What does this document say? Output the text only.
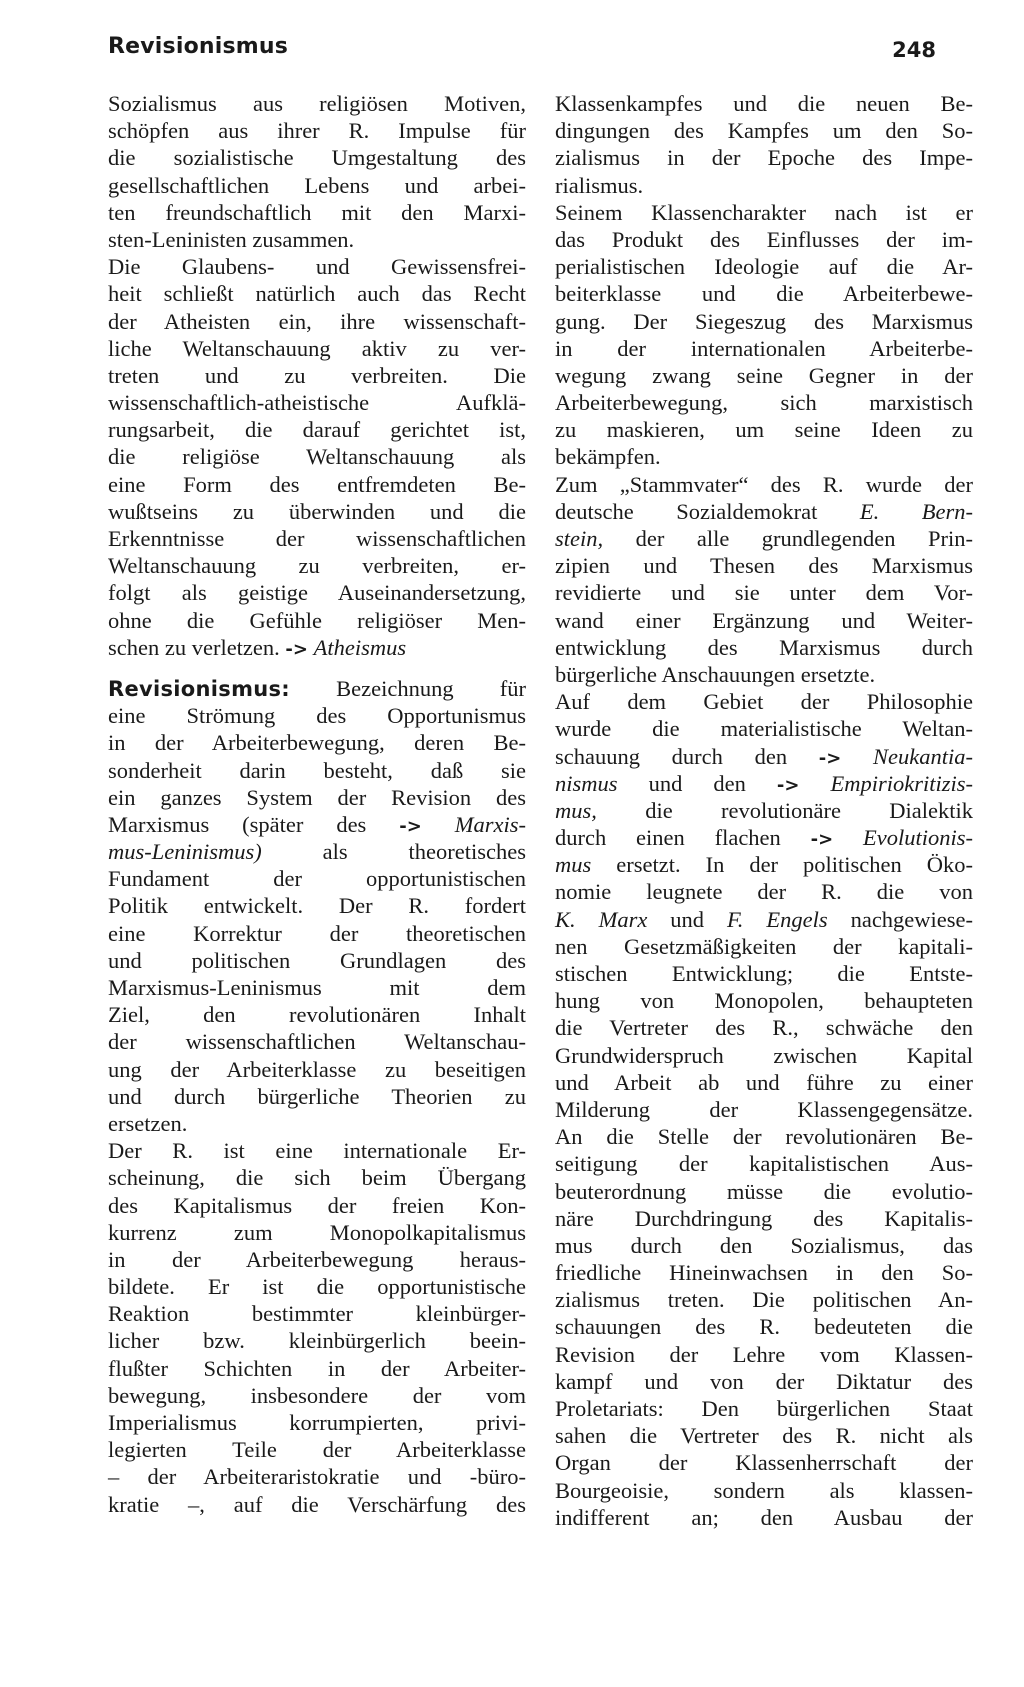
Revisionismus	248
Sozialismus aus religiösen Motiven,
schöpfen aus ihrer R. Impulse für
die sozialistische Umgestaltung des
gesellschaftlichen Lebens und arbei-
ten freundschaftlich mit den Marxi-
sten-Leninisten zusammen.
Die Glaubens- und Gewissensfrei-
heit schließt natürlich auch das Recht
der Atheisten ein, ihre wissenschaft-
liche Weltanschauung aktiv zu ver-
treten und zu verbreiten. Die
wissenschaftlich-atheistische Aufklä-
rungsarbeit, die darauf gerichtet ist,
die religiöse Weltanschauung als
eine Form des entfremdeten Be-
wußtseins zu überwinden und die
Erkenntnisse der wissenschaftlichen
Weltanschauung zu verbreiten, er-
folgt als geistige Auseinandersetzung,
ohne die Gefühle religiöser Men-
schen zu verletzen. -> Atheismus
Revisionismus: Bezeichnung für
eine Strömung des Opportunismus
in der Arbeiterbewegung, deren Be-
sonderheit darin besteht, daß sie
ein ganzes System der Revision des
Marxismus (später des -> Marxis-
mus-Leninismus)	als theoretisches
Fundament der opportunistischen
Politik entwickelt. Der R. fordert
eine Korrektur der theoretischen
und politischen Grundlagen des
Marxismus-Leninismus mit dem
Ziel, den revolutionären Inhalt
der wissenschaftlichen Weltanschau-
ung der Arbeiterklasse zu beseitigen
und durch bürgerliche Theorien zu
ersetzen.
Der R. ist eine internationale Er-
scheinung, die sich beim Übergang
des Kapitalismus der freien Kon-
kurrenz zum Monopolkapitalismus
in der Arbeiterbewegung heraus-
bildete. Er ist die opportunistische
Reaktion bestimmter kleinbürger-
licher bzw. kleinbürgerlich beein-
flußter Schichten in der Arbeiter-
bewegung, insbesondere der vom
Imperialismus korrumpierten, privi-
legierten Teile der Arbeiterklasse
– der Arbeiteraristokratie und -büro-
kratie –, auf die Verschärfung des
Klassenkampfes und die neuen Be-
dingungen des Kampfes um den So-
zialismus in der Epoche des Impe-
rialismus.
Seinem Klassencharakter nach ist er
das Produkt des Einflusses der im-
perialistischen Ideologie auf die Ar-
beiterklasse und die Arbeiterbewe-
gung. Der Siegeszug des Marxismus
in der internationalen Arbeiterbe-
wegung zwang seine Gegner in der
Arbeiterbewegung, sich marxistisch
zu maskieren, um seine Ideen zu
bekämpfen.
Zum „Stammvater“ des R. wurde der
deutsche Sozialdemokrat E. Bern-
stein, der alle grundlegenden Prin-
zipien und Thesen des Marxismus
revidierte und sie unter dem Vor-
wand einer Ergänzung und Weiter-
entwicklung des Marxismus durch
bürgerliche Anschauungen ersetzte.
Auf dem Gebiet der Philosophie
wurde die materialistische Weltan-
schauung durch den -> Neukantia-
nismus und den -> Empiriokritizis-
mus, die revolutionäre Dialektik
durch einen flachen -> Evolutionis-
mus ersetzt. In der politischen Öko-
nomie leugnete der R. die von
K. Marx und F. Engels nachgewiese-
nen Gesetzmäßigkeiten der kapitali-
stischen Entwicklung; die Entste-
hung von Monopolen, behaupteten
die Vertreter des R., schwäche den
Grundwiderspruch zwischen Kapital
und Arbeit ab und führe zu einer
Milderung der Klassengegensätze.
An die Stelle der revolutionären Be-
seitigung der kapitalistischen Aus-
beuterordnung müsse die evolutio-
näre Durchdringung des Kapitalis-
mus durch den Sozialismus, das
friedliche Hineinwachsen in den So-
zialismus treten. Die politischen An-
schauungen des R. bedeuteten die
Revision der Lehre vom Klassen-
kampf und von der Diktatur des
Proletariats: Den bürgerlichen Staat
sahen die Vertreter des R. nicht als
Organ der Klassenherrschaft der
Bourgeoisie, sondern als klassen-
indifferent an; den Ausbau der
